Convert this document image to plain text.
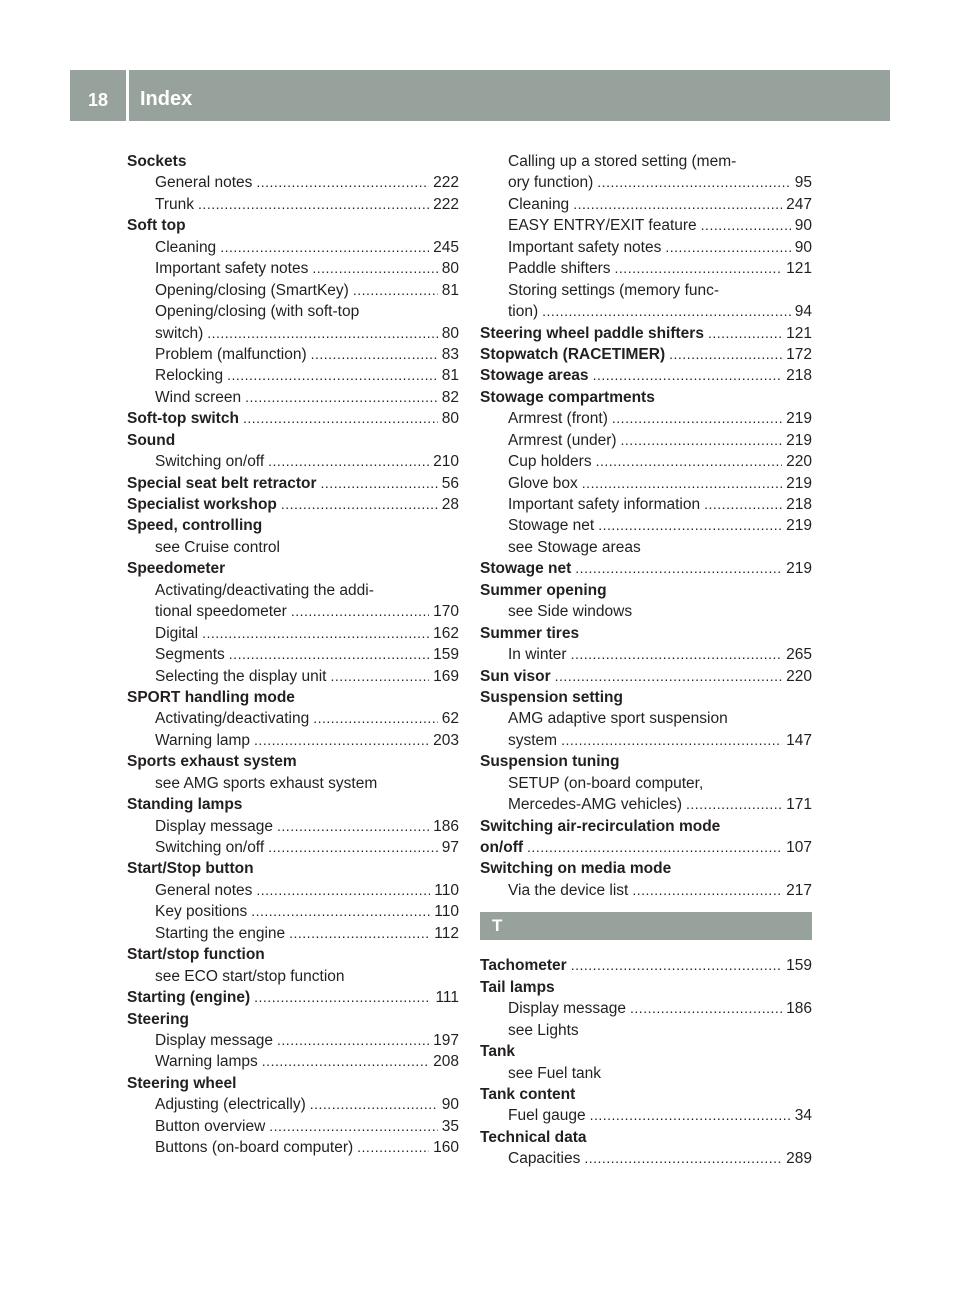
18 Index
Sockets
General notes .....	222
Trunk .....	222
Soft top
Cleaning .....	245
Important safety notes .....	80
Opening/closing (SmartKey) .....	81
Opening/closing (with soft-top
switch) .....	80
Problem (malfunction) .....	83
Relocking .....	81
Wind screen .....	82
Soft-top switch .....	80
Sound
Switching on/off .....	210
Special seat belt retractor .....	56
Specialist workshop .....	28
Speed, controlling
see Cruise control
Speedometer
Activating/deactivating the addi-
tional speedometer .....	170
Digital .....	162
Segments .....	159
Selecting the display unit .....	169
SPORT handling mode
Activating/deactivating .....	62
Warning lamp .....	203
Sports exhaust system
see AMG sports exhaust system
Standing lamps
Display message .....	186
Switching on/off .....	97
Start/Stop button
General notes .....	110
Key positions .....	110
Starting the engine .....	112
Start/stop function
see ECO start/stop function
Starting (engine) .....	111
Steering
Display message .....	197
Warning lamps .....	208
Steering wheel
Adjusting (electrically) .....	90
Button overview .....	35
Buttons (on-board computer) .....	160
Calling up a stored setting (mem-
ory function) .....	95
Cleaning .....	247
EASY ENTRY/EXIT feature .....	90
Important safety notes .....	90
Paddle shifters .....	121
Storing settings (memory func-
tion) .....	94
Steering wheel paddle shifters .....	121
Stopwatch (RACETIMER) .....	172
Stowage areas .....	218
Stowage compartments
Armrest (front) .....	219
Armrest (under) .....	219
Cup holders .....	220
Glove box .....	219
Important safety information .....	218
Stowage net .....	219
see Stowage areas
Stowage net .....	219
Summer opening
see Side windows
Summer tires
In winter .....	265
Sun visor .....	220
Suspension setting
AMG adaptive sport suspension
system .....	147
Suspension tuning
SETUP (on-board computer,
Mercedes-AMG vehicles) .....	171
Switching air-recirculation mode
on/off .....	107
Switching on media mode
Via the device list .....	217
T
Tachometer .....	159
Tail lamps
Display message .....	186
see Lights
Tank
see Fuel tank
Tank content
Fuel gauge .....	34
Technical data
Capacities .....	289
